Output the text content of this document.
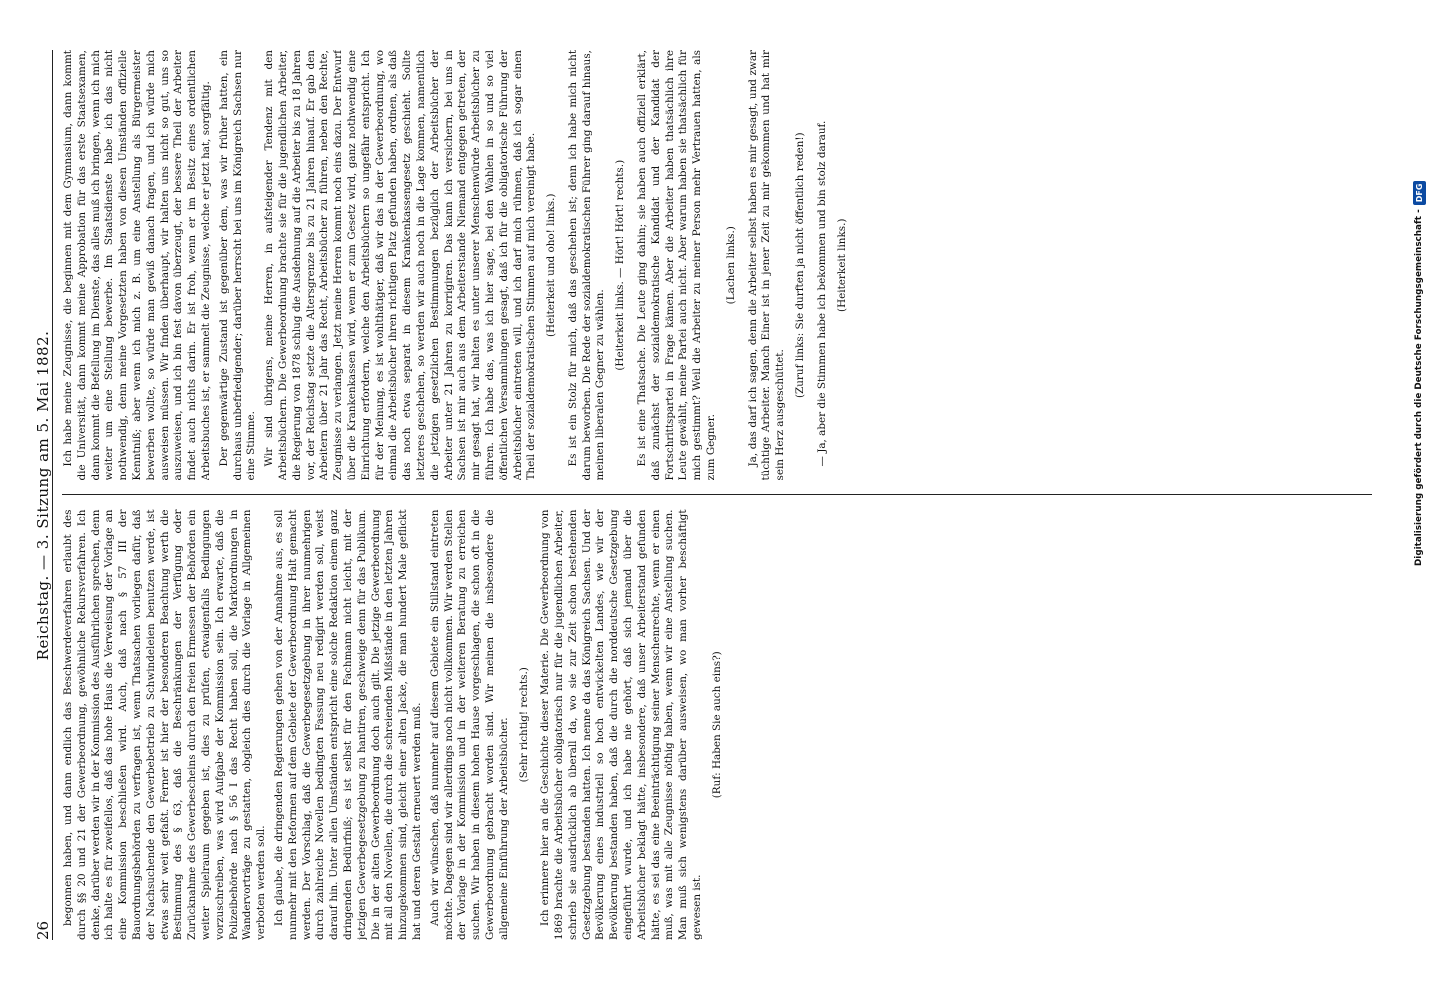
26
Reichstag. — 3. Sitzung am 5. Mai 1882.

begonnen haben, und dann endlich das Beschwerdeverfahren erlaubt des durch §§ 20 und 21 der Gewerbeordnung, gewöhnliche Rekursverfahren. Ich denke, darüber werden wir in der Kommission des Ausführlichen sprechen, denn ich halte es für zweifellos, daß das hohe Haus die Verweisung der Vorlage an eine Kommission beschließen wird. Auch, daß nach § 57 III der Bauordnungsbehörden zu verfragen ist, wenn Thatsachen vorliegen dafür, daß der Nachsuchende den Gewerbebetrieb zu Schwindeleien benutzen werde, ist etwas sehr weit gefaßt. Ferner ist hier der besonderen Beachtung werth die Bestimmung des § 63, daß die Beschränkungen der Verfügung oder Zurücknahme des Gewerbescheins durch den freien Ermessen der Behörden ein weiter Spielraum gegeben ist, dies zu prüfen, etwaigenfalls Bedingungen vorzuschreiben, was wird Aufgabe der Kommission sein. Ich erwarte, daß die Polizeibehörde nach § 56 I das Recht haben soll, die Marktordnungen in Wandervorträge zu gestatten, obgleich dies durch die Vorlage in Allgemeinen verboten werden soll. Ich glaube, die dringenden Regierungen gehen von der Annahme aus, es soll nunmehr mit den Reformen auf dem Gebiete der Gewerbeordnung Halt gemacht werden. Der Vorschlag, daß die Gewerbegesetzgebung in ihrer nunmehrigen durch zahlreiche Novellen bedingten Fassung neu redigirt werden soll, weist darauf hin. Unter allen Umständen entspricht eine solche Redaktion einem ganz dringenden Bedürfniß; es ist selbst für den Fachmann nicht leicht, mit der jetzigen Gewerbegesetzgebung zu hantiren, geschweige denn für das Publikum. Die in der alten Gewerbeordnung doch auch gilt. Die jetzige Gewerbeordnung mit all den Novellen, die durch die schreienden Mißstände in den letzten Jahren hinzugekommen sind, gleicht einer alten Jacke, die man hundert Male geflickt hat und deren Gestalt erneuert werden muß. Auch wir wünschen, daß nunmehr auf diesem Gebiete ein Stillstand eintreten möchte. Dagegen sind wir allerdings noch nicht vollkommen. Wir werden Stellen der Vorlage in der Kommission und in der weiteren Beratung zu erreichen suchen. Wir haben in diesem hohen Hause vorgeschlagen, die schon oft in die Gewerbeordnung gebracht worden sind. Wir meinen die insbesondere die allgemeine Einführung der Arbeitsbücher. (Sehr richtig! rechts.) Ich erinnere hier an die Geschichte dieser Materie. Die Gewerbeordnung von 1869 brachte die Arbeitsbücher obligatorisch nur für die jugendlichen Arbeiter, schrieb sie ausdrücklich ab überall da, wo sie zur Zeit schon bestehenden Gesetzgebung bestanden hatten. Ich nenne da das Königreich Sachsen. Und der Bevölkerung eines industriell so hoch entwickelten Landes, wie wir der Bevölkerung bestanden haben, daß die durch die norddeutsche Gesetzgebung eingeführt wurde, und ich habe nie gehört, daß sich jemand über die Arbeitsbücher beklagt hätte, insbesondere, daß unser Arbeiterstand gefunden hätte, es sei das eine Beeinträchtigung seiner Menschenrechte, wenn er einen muß, was mit alle Zeugnisse nöthig haben, wenn wir eine Anstellung suchen. Man muß sich wenigstens darüber ausweisen, wo man vorher beschäftigt gewesen ist.

(Ruf: Haben Sie auch eins?)

Ich habe meine Zeugnisse, die beginnen mit dem Gymnasium, dann kommt die Universität, dann kommt meine Approbation für das erste Staatsexamen, dann kommt die Befellung im Dienste, das alles muß ich bringen, wenn ich mich weiter um eine Stellung bewerbe. Im Staatsdienste habe ich das nicht nothwendig, denn meine Vorgesetzten haben von diesen Umständen offizielle Kenntniß; aber wenn ich mich z. B. um eine Anstellung als Bürgermeister bewerben wollte, so würde man gewiß danach fragen, und ich würde mich ausweisen müssen. Wir finden überhaupt, wir halten uns nicht so gut, uns so auszuweisen, und ich bin fest davon überzeugt, der bessere Theil der Arbeiter findet auch nichts darin. Er ist froh, wenn er im Besitz eines ordentlichen Arbeitsbuches ist, er sammelt die Zeugnisse, welche er jetzt hat, sorgfältig. Der gegenwärtige Zustand ist gegenüber dem, was wir früher hatten, ein durchaus unbefriedigender; darüber herrscht bei uns im Königreich Sachsen nur eine Stimme. Wir sind übrigens, meine Herren, in aufsteigender Tendenz mit den Arbeitsbüchern. Die Gewerbeordnung brachte sie für die jugendlichen Arbeiter, die Regierung von 1878 schlug die Ausdehnung auf die Arbeiter bis zu 18 Jahren vor, der Reichstag setzte die Altersgrenze bis zu 21 Jahren hinauf. Er gab den Arbeitern über 21 Jahr das Recht, Arbeitsbücher zu führen, neben den Rechte, Zeugnisse zu verlangen. Jetzt meine Herren kommt noch eins dazu. Der Entwurf über die Krankenkassen wird, wenn er zum Gesetz wird, ganz nothwendig eine Einrichtung erfordern, welche den Arbeitsbüchern so ungefähr entspricht. Ich für der Meinung, es ist wohlthätiger, daß wir das in der Gewerbeordnung, wo einmal die Arbeitsbücher ihren richtigen Platz gefunden haben, ordnen, als daß das noch etwa separat in diesem Krankenkassengesetz geschieht. Sollte letzteres geschehen, so werden wir auch noch in die Lage kommen, namentlich die jetzigen gesetzlichen Bestimmungen bezüglich der Arbeitsbücher der Arbeiter unter 21 Jahren zu korrigiren. Das kann ich versichern, bei uns in Sachsen ist mir auch aus dem Arbeiterstande Niemand entgegen getreten, der mir gesagt hat, wir halten es unter unserer Menschenwürde Arbeitsbücher zu führen. Ich habe das, was ich hier sage, bei den Wahlen in so und so viel öffentlichen Versammlungen gesagt, daß ich für die obligatorische Führung der Arbeitsbücher eintreten will, und ich darf mich rühmen, daß ich sogar einen Theil der sozialdemokratischen Stimmen auf mich vereinigt habe. (Heiterkeit und oho! links.) Es ist ein Stolz für mich, daß das geschehen ist; denn ich habe mich nicht darum beworben. Die Rede der sozialdemokratischen Führer ging darauf hinaus, meinen liberalen Gegner zu wählen.

(Heiterkeit links. — Hört! Hört! rechts.) Es ist eine Thatsache. Die Leute ging dahin; sie haben auch offiziell erklärt, daß zunächst der sozialdemokratische Kandidat und der Kandidat der Fortschrittspartei in Frage kämen. Aber die Arbeiter haben thatsächlich ihre Leute gewählt, meine Partei auch nicht. Aber warum haben sie thatsächlich für mich gestimmt? Weil die Arbeiter zu meiner Person mehr Vertrauen hatten, als zum Gegner.

(Lachen links.) Ja, das darf ich sagen, denn die Arbeiter selbst haben es mir gesagt, und zwar tüchtige Arbeiter. Manch Einer ist in jener Zeit zu mir gekommen und hat mir sein Herz ausgeschüttet.

(Zuruf links: Sie durften ja nicht öffentlich reden!) — Ja, aber die Stimmen habe ich bekommen und bin stolz darauf. (Heiterkeit links.)	Digitalisierung gefördert durch die Deutsche Forschungsgemeinschaft -
DFG
